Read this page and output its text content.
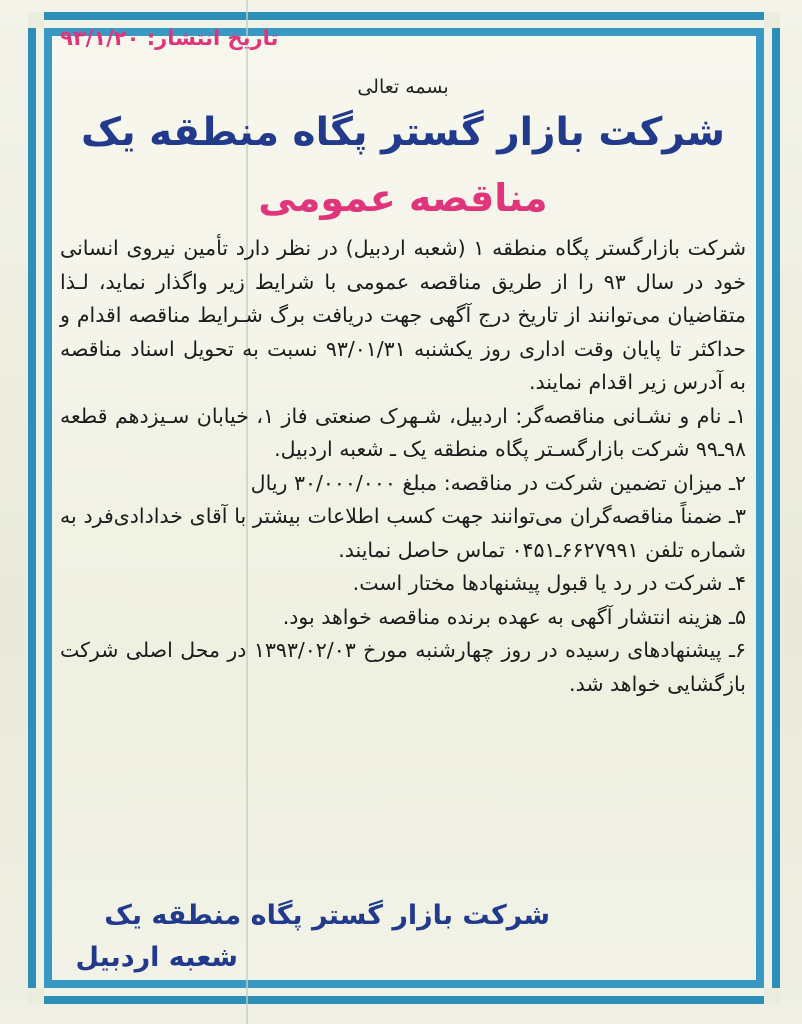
تاریخ انتشار: ۹۳/۱/۲۰
بسمه تعالی
شرکت بازار گستر پگاه منطقه یک
مناقصه عمومی

شرکت بازارگستر پگاه منطقه ۱ (شعبه اردبیل) در نظر دارد تأمین نیروی انسانی خود در سال ۹۳ را از طریق مناقصه عمومی با شرایط زیر واگذار نماید، لـذا متقاضیان می‌توانند از تاریخ درج آگهی جهت دریافت برگ شـرایط مناقصه اقدام و حداکثر تا پایان وقت اداری روز یکشنبه ۹۳/۰۱/۳۱ نسبت به تحویل اسناد مناقصه به آدرس زیر اقدام نمایند.

۱ـ نام و نشـانی مناقصه‌گر: اردبیل، شـهرک صنعتی فاز ۱، خیابان سـیزدهم قطعه ۹۸ـ۹۹ شرکت بازارگسـتر پگاه منطقه یک ـ شعبه اردبیل.

۲ـ میزان تضمین شرکت در مناقصه: مبلغ ۳۰/۰۰۰/۰۰۰ ریال

۳ـ ضمناً مناقصه‌گران می‌توانند جهت کسب اطلاعات بیشتر با آقای خدادادی‌فرد به شماره تلفن ۶۶۲۷۹۹۱ـ۰۴۵۱ تماس حاصل نمایند.

۴ـ شرکت در رد یا قبول پیشنهادها مختار است.

۵ـ هزینه انتشار آگهی به عهده برنده مناقصه خواهد بود.

۶ـ پیشنهادهای رسیده در روز چهارشنبه مورخ ۱۳۹۳/۰۲/۰۳ در محل اصلی شرکت بازگشایی خواهد شد.

شرکت بازار گستر پگاه منطقه یک
شعبه اردبیل
